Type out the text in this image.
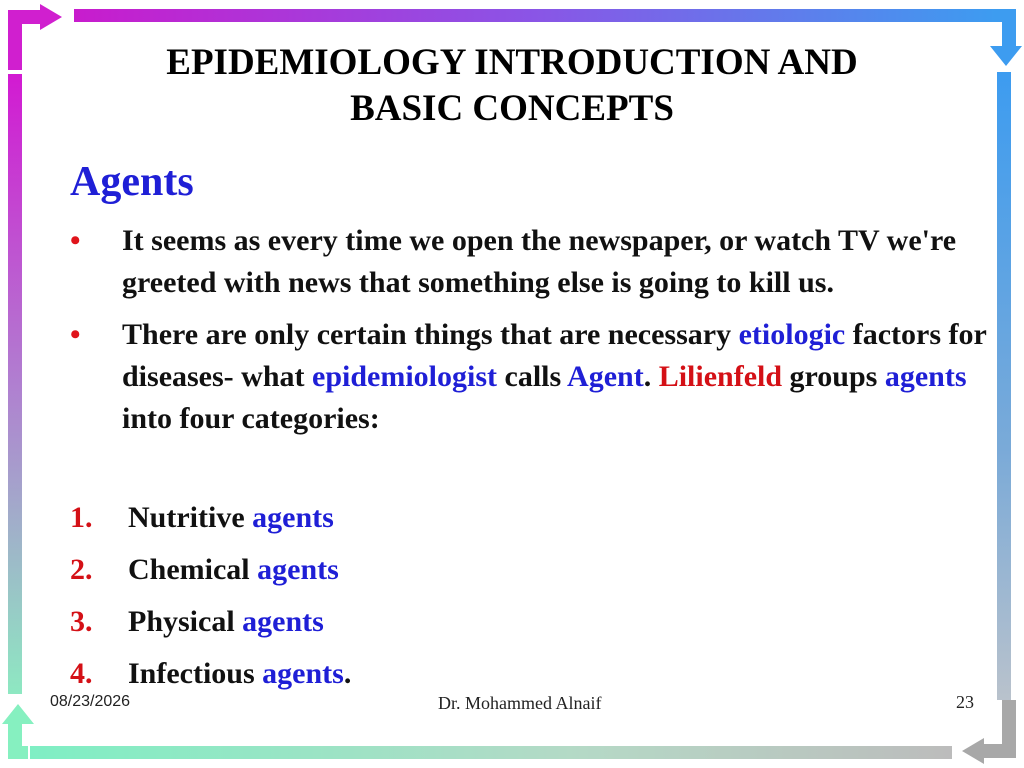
EPIDEMIOLOGY INTRODUCTION AND
BASIC CONCEPTS
Agents
• It seems as every time we open the newspaper, or watch TV we're greeted with news that something else is going to kill us.
• There are only certain things that are necessary etiologic factors for diseases- what epidemiologist calls Agent. Lilienfeld groups agents into four categories:
1. Nutritive agents
2. Chemical agents
3. Physical agents
4. Infectious agents.
08/23/2026	Dr. Mohammed Alnaif	23
